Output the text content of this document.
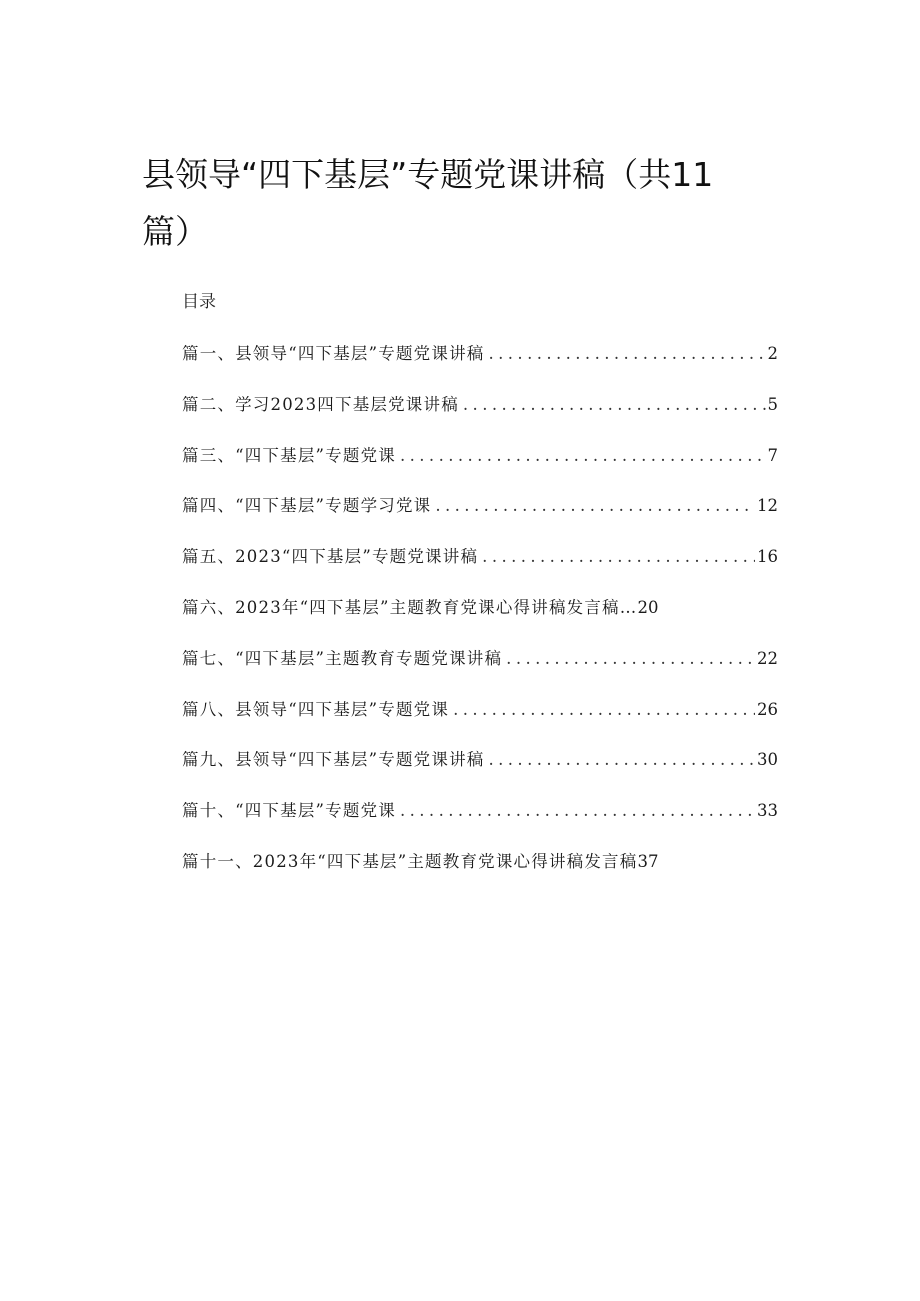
县领导“四下基层”专题党课讲稿（共11篇）
目录
篇一、县领导“四下基层”专题党课讲稿 .....	2
篇二、学习2023四下基层党课讲稿 .....	5
篇三、“四下基层”专题党课 .....	7
篇四、“四下基层”专题学习党课 .....	12
篇五、2023“四下基层”专题党课讲稿 .....	16
篇六、2023年“四下基层”主题教育党课心得讲稿发言稿… 20
篇七、“四下基层”主题教育专题党课讲稿 .....	22
篇八、县领导“四下基层”专题党课 .....	26
篇九、县领导“四下基层”专题党课讲稿 .....	30
篇十、“四下基层”专题党课 .....	33
篇十一、2023年“四下基层”主题教育党课心得讲稿发言稿 37
